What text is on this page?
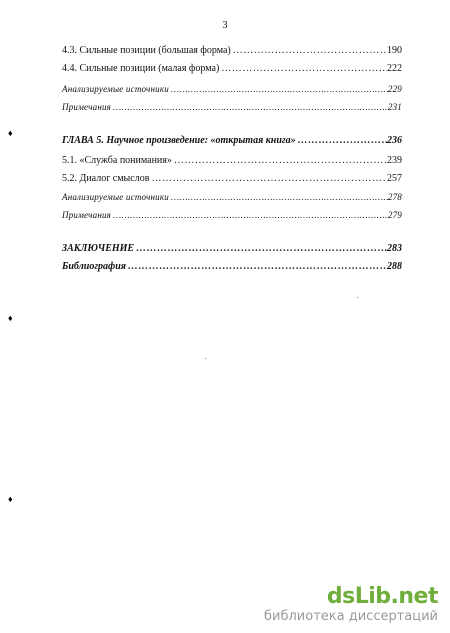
3
4.3. Сильные позиции (большая форма) ………………………………………………………………………………………………………………………………………………………………	190
4.4. Сильные позиции (малая форма) ………………………………………………………………………………………………………………………………………………………………	222
Анализируемые источники ………………………………………………………………………………………………………………………………………………………………	229
Примечания ………………………………………………………………………………………………………………………………………………………………	231
ГЛАВА 5. Научное произведение: «открытая книга» ………………………………………………………………………………………………………………………………………………………………	236
5.1. «Служба понимания» ………………………………………………………………………………………………………………………………………………………………	239
5.2. Диалог смыслов ………………………………………………………………………………………………………………………………………………………………	257
Анализируемые источники ………………………………………………………………………………………………………………………………………………………………	278
Примечания ………………………………………………………………………………………………………………………………………………………………	279
ЗАКЛЮЧЕНИЕ ………………………………………………………………………………………………………………………………………………………………	283
Библиография ………………………………………………………………………………………………………………………………………………………………	288
♦
♦
♦
dsLib.net
библиотека диссертаций
